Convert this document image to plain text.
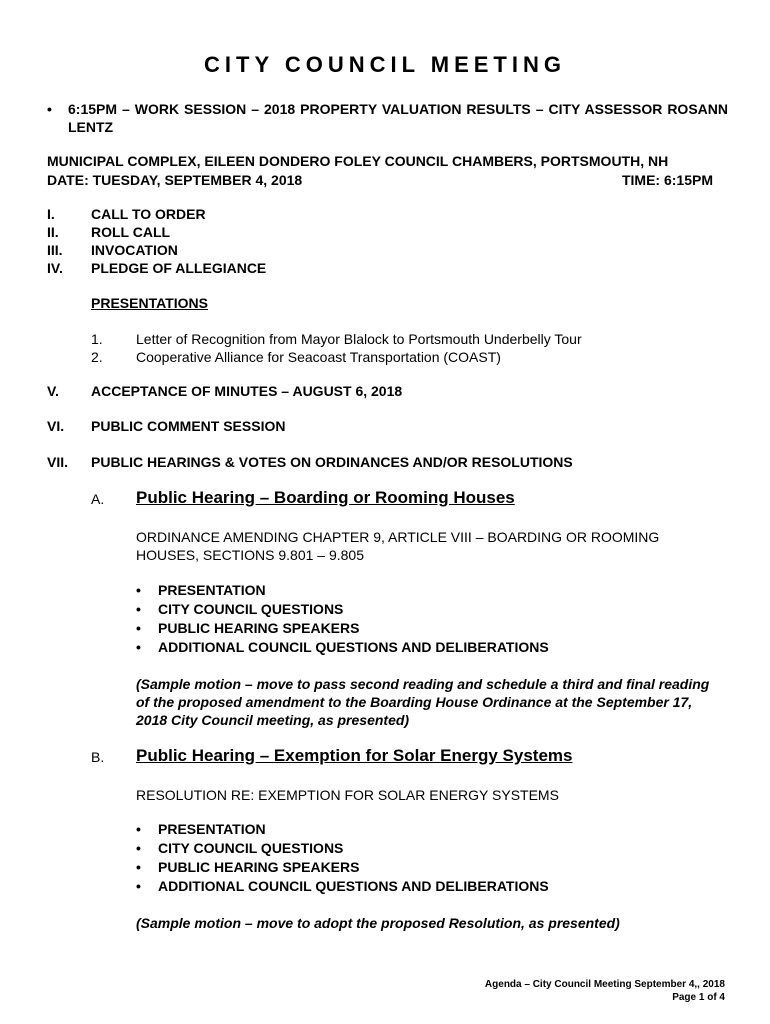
CITY COUNCIL MEETING
• 6:15PM – WORK SESSION – 2018 PROPERTY VALUATION RESULTS – CITY ASSESSOR ROSANN LENTZ
MUNICIPAL COMPLEX, EILEEN DONDERO FOLEY COUNCIL CHAMBERS, PORTSMOUTH, NH
DATE: TUESDAY, SEPTEMBER 4, 2018	TIME: 6:15PM
I.	CALL TO ORDER
II. ROLL CALL
III. INVOCATION
IV. PLEDGE OF ALLEGIANCE
PRESENTATIONS
1. Letter of Recognition from Mayor Blalock to Portsmouth Underbelly Tour
2. Cooperative Alliance for Seacoast Transportation (COAST)
V. ACCEPTANCE OF MINUTES – AUGUST 6, 2018
VI. PUBLIC COMMENT SESSION
VII. PUBLIC HEARINGS & VOTES ON ORDINANCES AND/OR RESOLUTIONS
A. Public Hearing – Boarding or Rooming Houses
ORDINANCE AMENDING CHAPTER 9, ARTICLE VIII – BOARDING OR ROOMING HOUSES, SECTIONS 9.801 – 9.805
• PRESENTATION
• CITY COUNCIL QUESTIONS
• PUBLIC HEARING SPEAKERS
• ADDITIONAL COUNCIL QUESTIONS AND DELIBERATIONS
(Sample motion – move to pass second reading and schedule a third and final reading of the proposed amendment to the Boarding House Ordinance at the September 17, 2018 City Council meeting, as presented)
B. Public Hearing – Exemption for Solar Energy Systems
RESOLUTION RE: EXEMPTION FOR SOLAR ENERGY SYSTEMS
• PRESENTATION
• CITY COUNCIL QUESTIONS
• PUBLIC HEARING SPEAKERS
• ADDITIONAL COUNCIL QUESTIONS AND DELIBERATIONS
(Sample motion – move to adopt the proposed Resolution, as presented)
Agenda – City Council Meeting September 4,, 2018
Page 1 of 4
